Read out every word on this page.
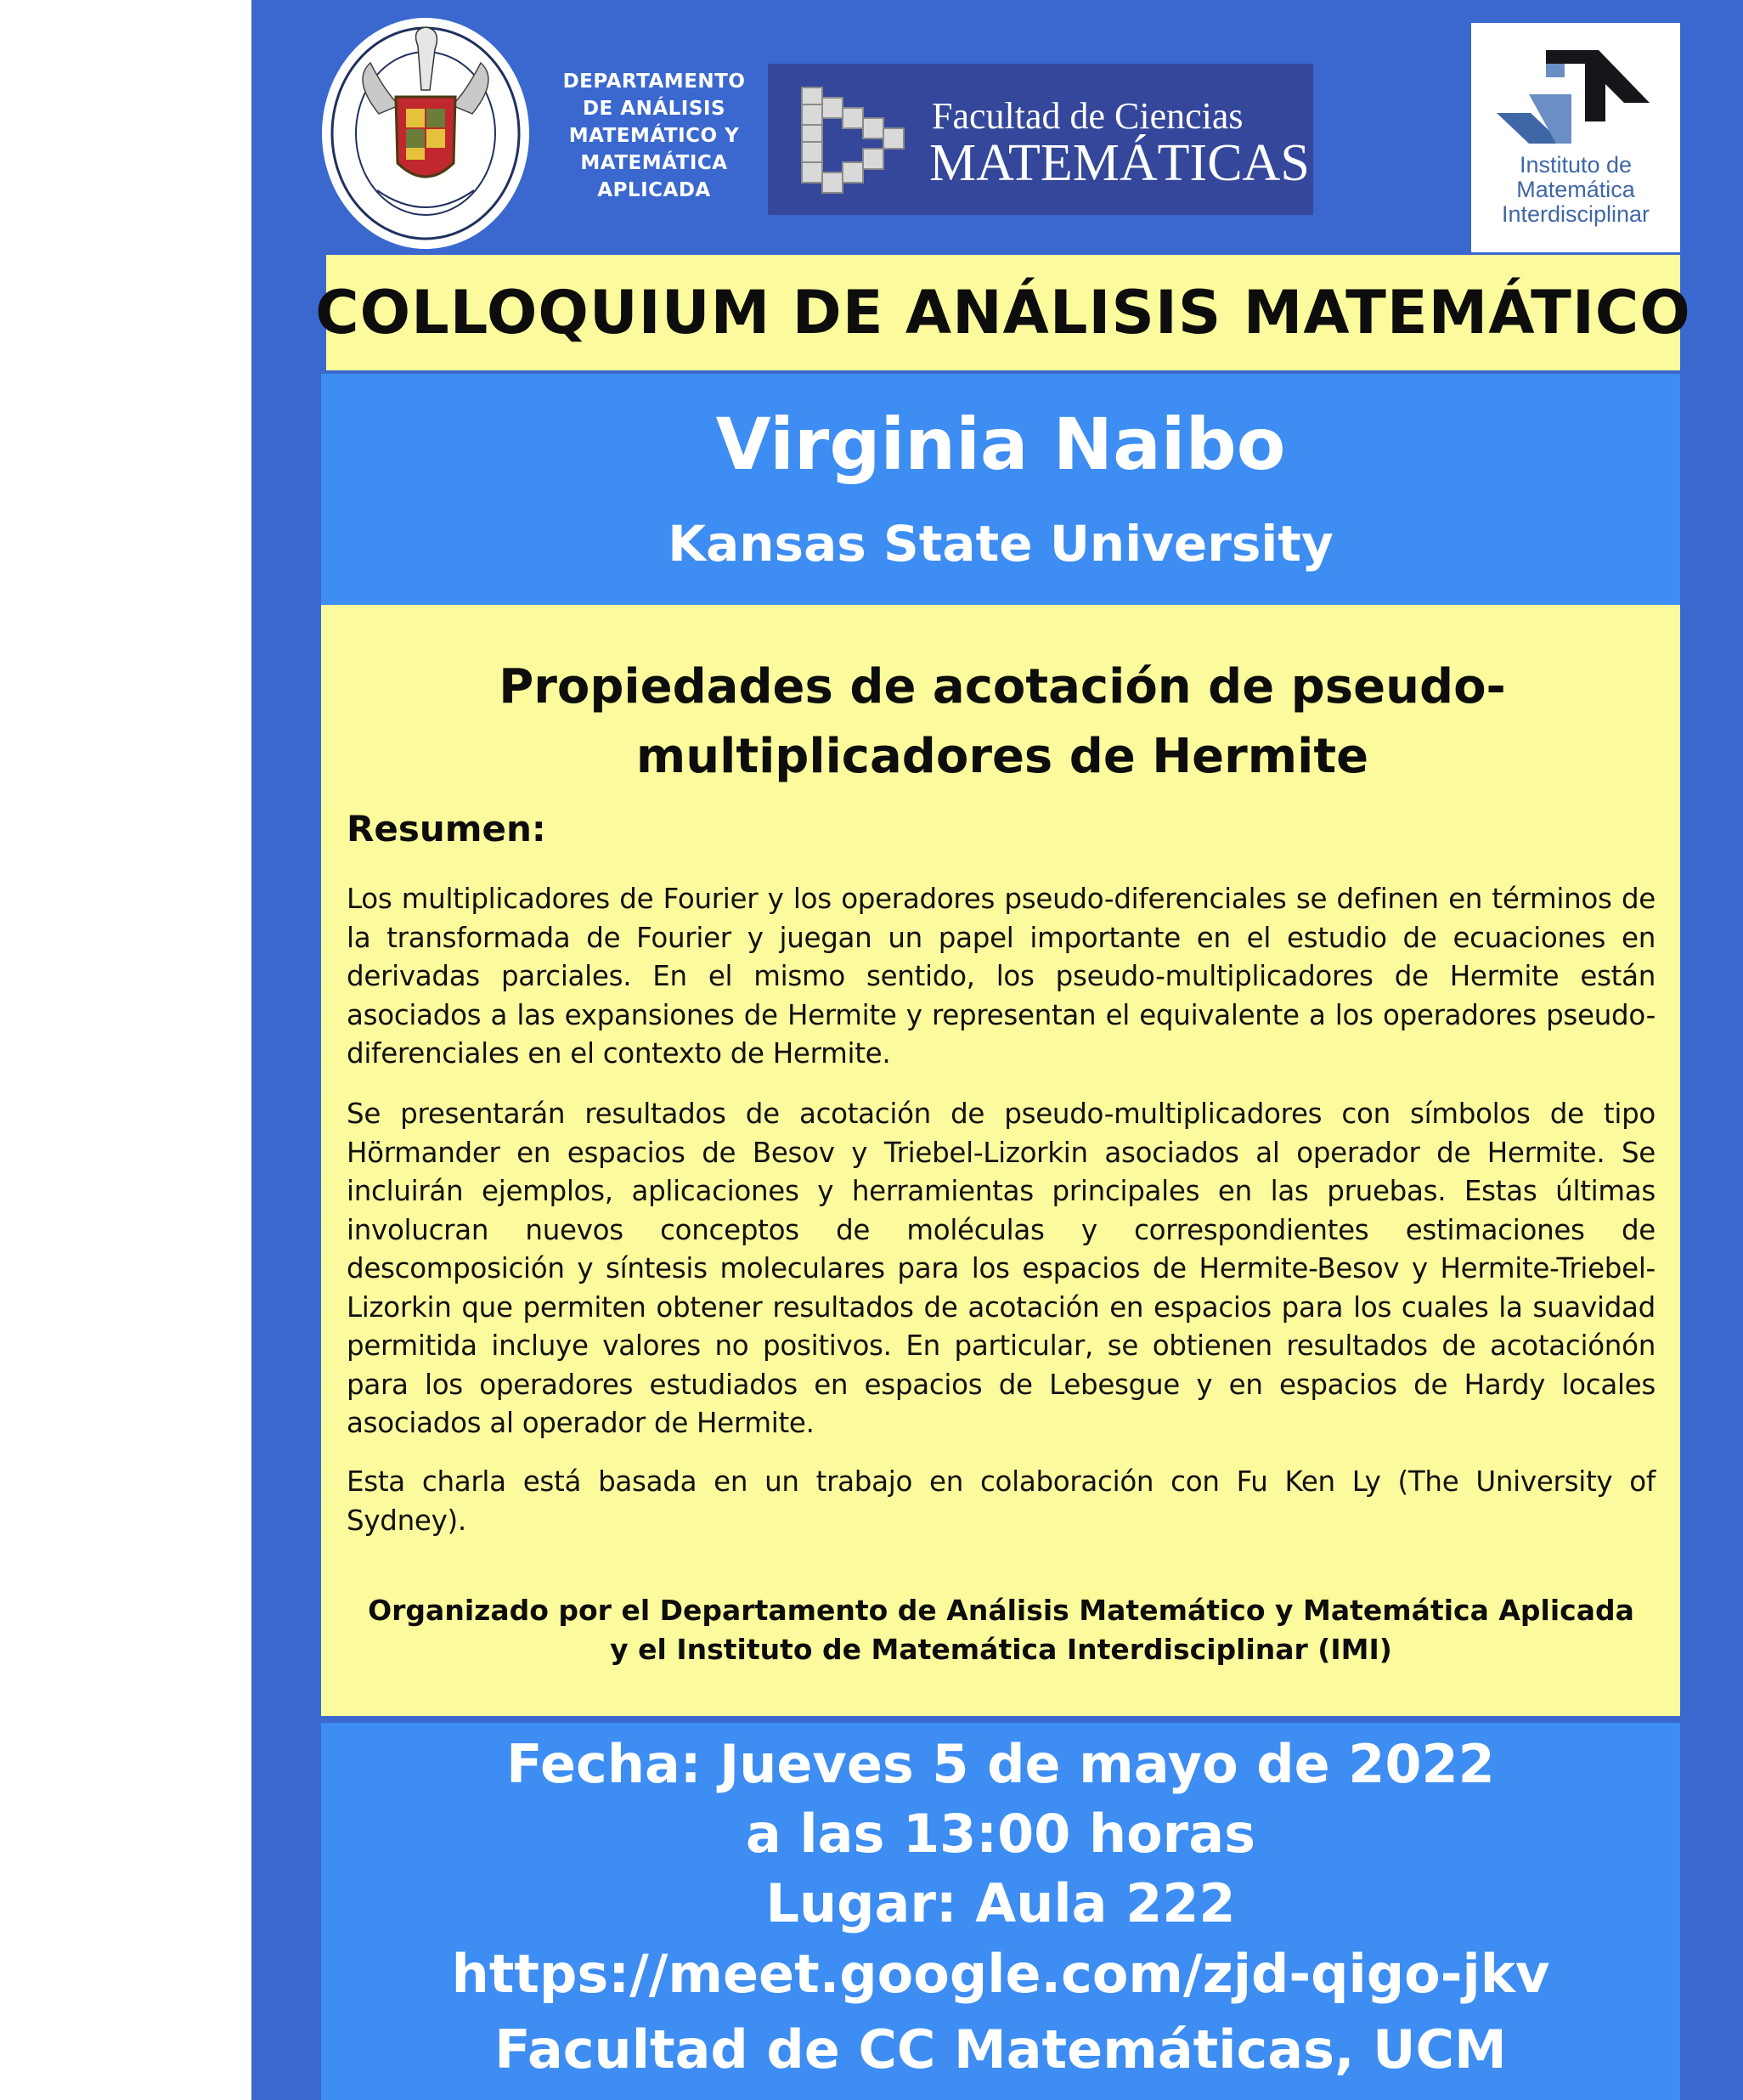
DEPARTAMENTO
DE ANÁLISIS
MATEMÁTICO Y
MATEMÁTICA
APLICADA
Facultad de Ciencias
MATEMÁTICAS	Instituto de
Matemática
Interdisciplinar
COLLOQUIUM DE ANÁLISIS MATEMÁTICO
Virginia Naibo
Kansas State University
Propiedades de acotación de pseudo-
multiplicadores de Hermite
Resumen:
Los multiplicadores de Fourier y los operadores pseudo-diferenciales se definen en términos de la transformada de Fourier y juegan un papel importante en el estudio de ecuaciones en derivadas parciales. En el mismo sentido, los pseudo-multiplicadores de Hermite están asociados a las expansiones de Hermite y representan el equivalente a los operadores pseudo-diferenciales en el contexto de Hermite.
Se presentarán resultados de acotación de pseudo-multiplicadores con símbolos de tipo Hörmander en espacios de Besov y Triebel-Lizorkin asociados al operador de Hermite. Se incluirán ejemplos, aplicaciones y herramientas principales en las pruebas. Estas últimas involucran nuevos conceptos de moléculas y correspondientes estimaciones de descomposición y síntesis moleculares para los espacios de Hermite-Besov y Hermite-Triebel-Lizorkin que permiten obtener resultados de acotación en espacios para los cuales la suavidad permitida incluye valores no positivos. En particular, se obtienen resultados de acotaciónón para los operadores estudiados en espacios de Lebesgue y en espacios de Hardy locales asociados al operador de Hermite.
Esta charla está basada en un trabajo en colaboración con Fu Ken Ly (The University of Sydney).
Organizado por el Departamento de Análisis Matemático y Matemática Aplicada
y el Instituto de Matemática Interdisciplinar (IMI)
Fecha: Jueves 5 de mayo de 2022
a las 13:00 horas
Lugar: Aula 222
https://meet.google.com/zjd-qigo-jkv
Facultad de CC Matemáticas, UCM
